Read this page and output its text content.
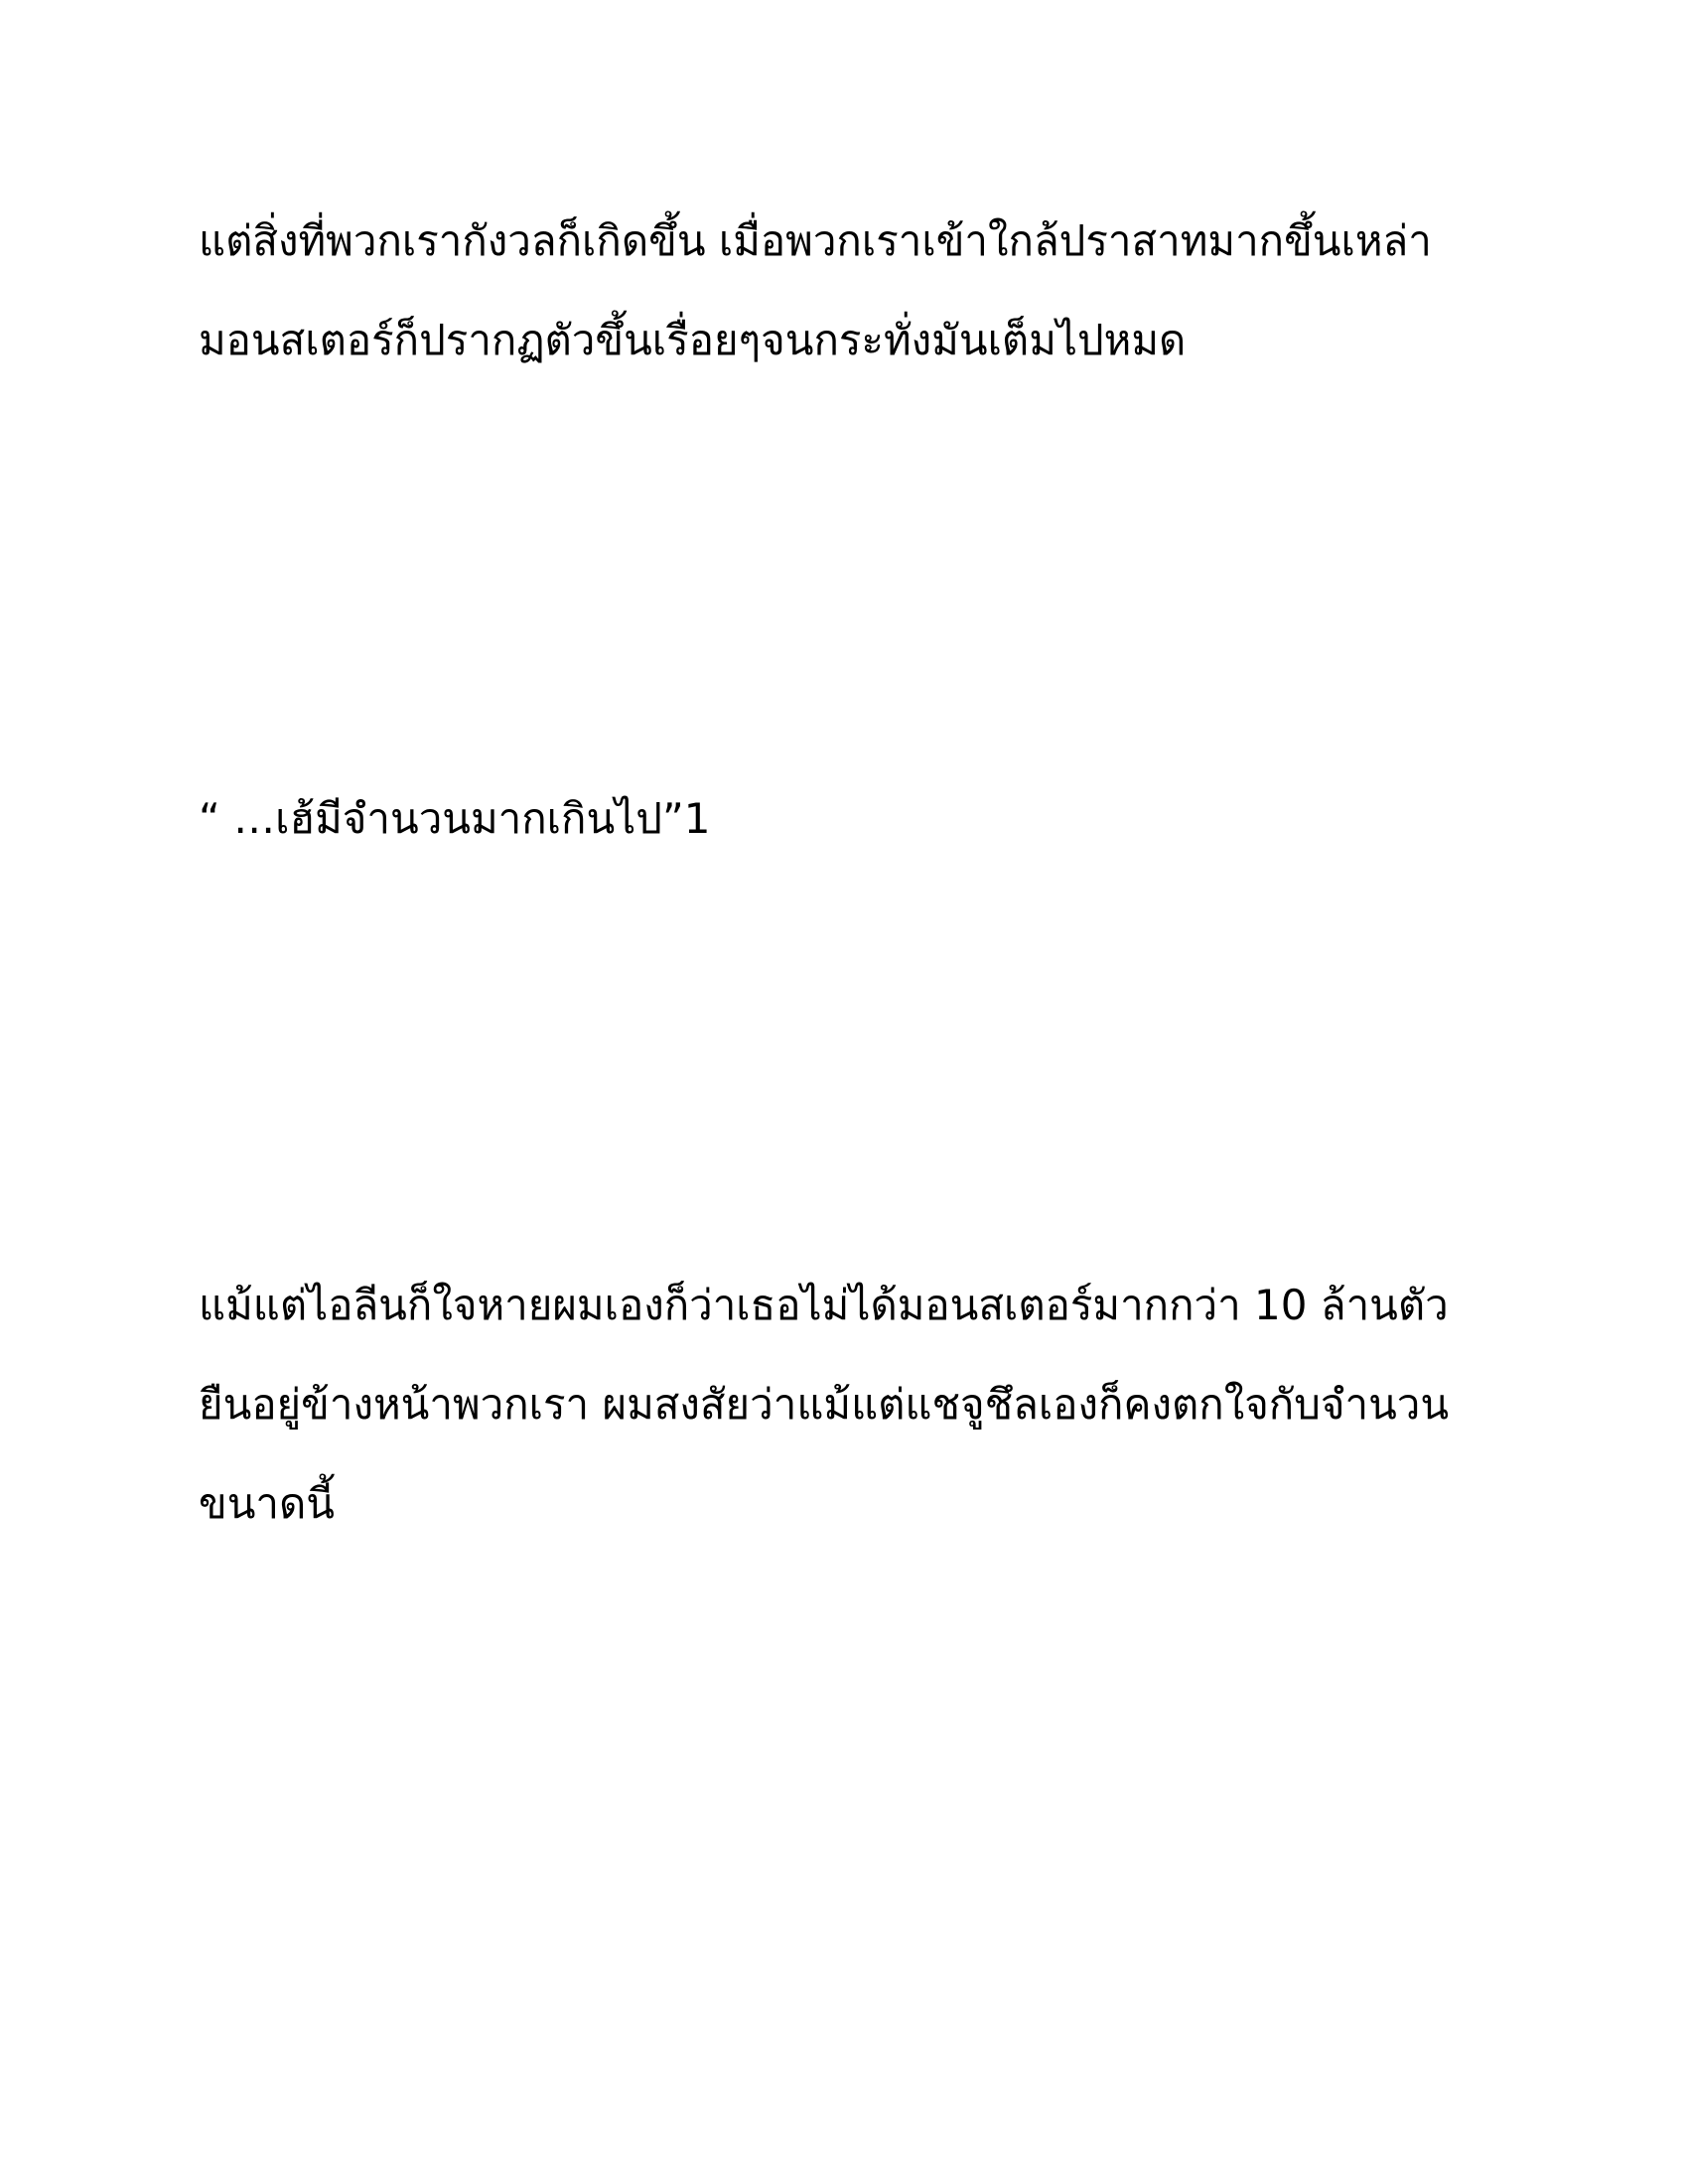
แต่สิ่งที่พวกเรากังวลก็เกิดขึ้น เมื่อพวกเราเข้าใกล้ปราสาทมากขึ้นเหล่า
มอนสเตอร์ก็ปรากฏตัวขึ้นเรื่อยๆจนกระทั่งมันเต็มไปหมด

“ …เฮ้มีจำนวนมากเกินไป”1

แม้แต่ไอลีนก็ใจหายผมเองก็ว่าเธอไม่ได้มอนสเตอร์มากกว่า 10 ล้านตัว
ยืนอยู่ข้างหน้าพวกเรา ผมสงสัยว่าแม้แต่แชจูชึลเองก็คงตกใจกับจำนวน
ขนาดนี้
